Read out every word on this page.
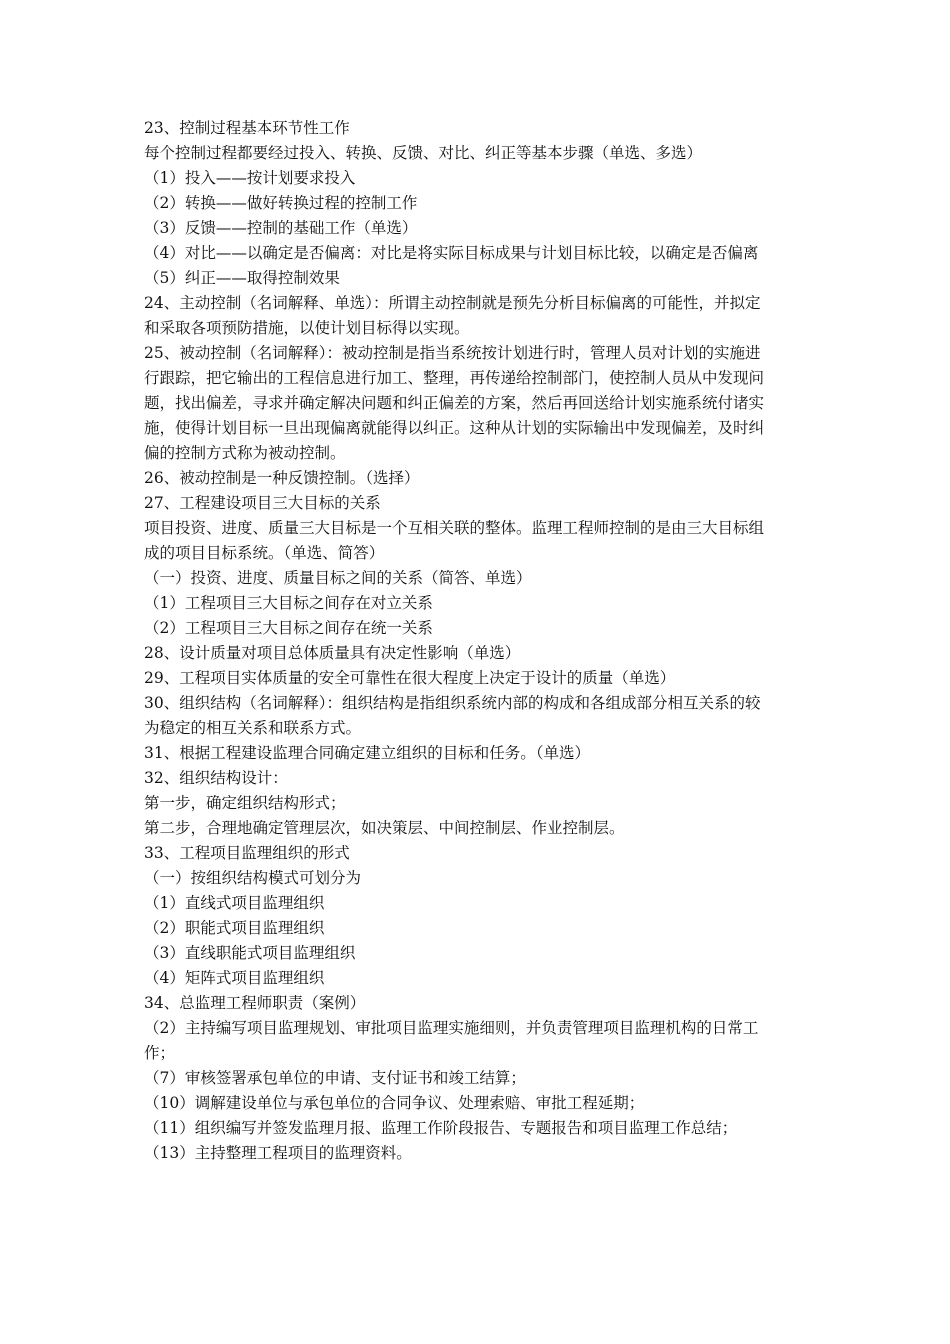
23、控制过程基本环节性工作
每个控制过程都要经过投入、转换、反馈、对比、纠正等基本步骤（单选、多选）
（1）投入——按计划要求投入
（2）转换——做好转换过程的控制工作
（3）反馈——控制的基础工作（单选）
（4）对比——以确定是否偏离：对比是将实际目标成果与计划目标比较，以确定是否偏离
（5）纠正——取得控制效果
24、主动控制（名词解释、单选）：所谓主动控制就是预先分析目标偏离的可能性，并拟定
和采取各项预防措施，以使计划目标得以实现。
25、被动控制（名词解释）：被动控制是指当系统按计划进行时，管理人员对计划的实施进
行跟踪，把它输出的工程信息进行加工、整理，再传递给控制部门，使控制人员从中发现问
题，找出偏差，寻求并确定解决问题和纠正偏差的方案，然后再回送给计划实施系统付诸实
施，使得计划目标一旦出现偏离就能得以纠正。这种从计划的实际输出中发现偏差，及时纠
偏的控制方式称为被动控制。
26、被动控制是一种反馈控制。（选择）
27、工程建设项目三大目标的关系
项目投资、进度、质量三大目标是一个互相关联的整体。监理工程师控制的是由三大目标组
成的项目目标系统。（单选、简答）
（一）投资、进度、质量目标之间的关系（简答、单选）
（1）工程项目三大目标之间存在对立关系
（2）工程项目三大目标之间存在统一关系
28、设计质量对项目总体质量具有决定性影响（单选）
29、工程项目实体质量的安全可靠性在很大程度上决定于设计的质量（单选）
30、组织结构（名词解释）：组织结构是指组织系统内部的构成和各组成部分相互关系的较
为稳定的相互关系和联系方式。
31、根据工程建设监理合同确定建立组织的目标和任务。（单选）
32、组织结构设计：
第一步，确定组织结构形式；
第二步，合理地确定管理层次，如决策层、中间控制层、作业控制层。
33、工程项目监理组织的形式
（一）按组织结构模式可划分为
（1）直线式项目监理组织
（2）职能式项目监理组织
（3）直线职能式项目监理组织
（4）矩阵式项目监理组织
34、总监理工程师职责（案例）
（2）主持编写项目监理规划、审批项目监理实施细则，并负责管理项目监理机构的日常工
作；
（7）审核签署承包单位的申请、支付证书和竣工结算；
（10）调解建设单位与承包单位的合同争议、处理索赔、审批工程延期；
（11）组织编写并签发监理月报、监理工作阶段报告、专题报告和项目监理工作总结；
（13）主持整理工程项目的监理资料。
